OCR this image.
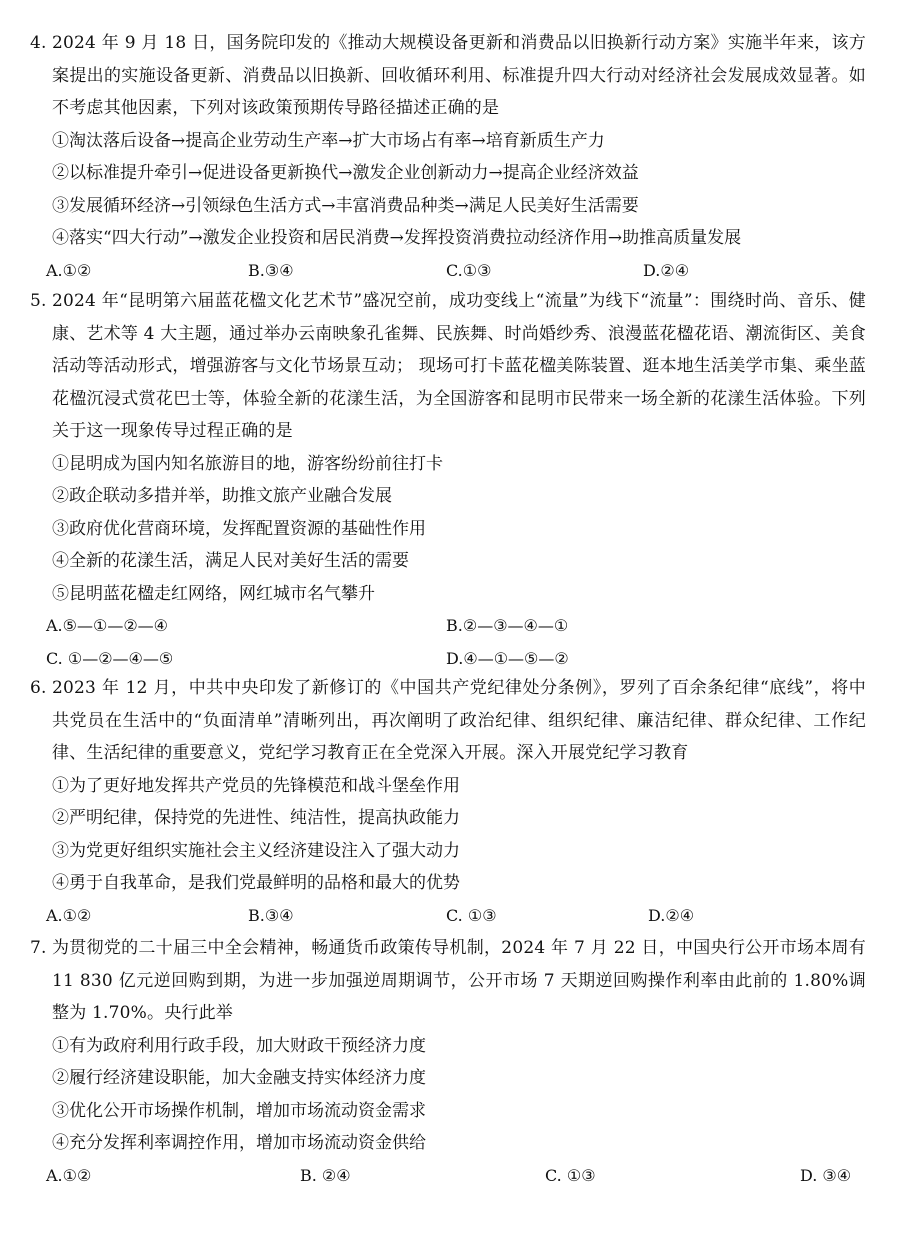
4. 2024 年 9 月 18 日，国务院印发的《推动大规模设备更新和消费品以旧换新行动方案》实施半年来，该方案提出的实施设备更新、消费品以旧换新、回收循环利用、标准提升四大行动对经济社会发展成效显著。如不考虑其他因素，下列对该政策预期传导路径描述正确的是
①淘汰落后设备→提高企业劳动生产率→扩大市场占有率→培育新质生产力
②以标准提升牵引→促进设备更新换代→激发企业创新动力→提高企业经济效益
③发展循环经济→引领绿色生活方式→丰富消费品种类→满足人民美好生活需要
④落实“四大行动”→激发企业投资和居民消费→发挥投资消费拉动经济作用→助推高质量发展
A.①②	B.③④	C.①③	D.②④
5. 2024 年“昆明第六届蓝花楹文化艺术节”盛况空前，成功变线上“流量”为线下“流量”：围绕时尚、音乐、健康、艺术等 4 大主题，通过举办云南映象孔雀舞、民族舞、时尚婚纱秀、浪漫蓝花楹花语、潮流街区、美食活动等活动形式，增强游客与文化节场景互动； 现场可打卡蓝花楹美陈装置、逛本地生活美学市集、乘坐蓝花楹沉浸式赏花巴士等，体验全新的花漾生活，为全国游客和昆明市民带来一场全新的花漾生活体验。下列关于这一现象传导过程正确的是
①昆明成为国内知名旅游目的地，游客纷纷前往打卡
②政企联动多措并举，助推文旅产业融合发展
③政府优化营商环境，发挥配置资源的基础性作用
④全新的花漾生活，满足人民对美好生活的需要
⑤昆明蓝花楹走红网络，网红城市名气攀升
A.⑤—①—②—④	B.②—③—④—①
C. ①—②—④—⑤	D.④—①—⑤—②
6. 2023 年 12 月，中共中央印发了新修订的《中国共产党纪律处分条例》，罗列了百余条纪律“底线”，将中共党员在生活中的“负面清单”清晰列出，再次阐明了政治纪律、组织纪律、廉洁纪律、群众纪律、工作纪律、生活纪律的重要意义，党纪学习教育正在全党深入开展。深入开展党纪学习教育
①为了更好地发挥共产党员的先锋模范和战斗堡垒作用
②严明纪律，保持党的先进性、纯洁性，提高执政能力
③为党更好组织实施社会主义经济建设注入了强大动力
④勇于自我革命，是我们党最鲜明的品格和最大的优势
A.①②	B.③④	C. ①③	D.②④
7. 为贯彻党的二十届三中全会精神，畅通货币政策传导机制，2024 年 7 月 22 日，中国央行公开市场本周有 11 830 亿元逆回购到期，为进一步加强逆周期调节，公开市场 7 天期逆回购操作利率由此前的 1.80%调整为 1.70%。央行此举
①有为政府利用行政手段，加大财政干预经济力度
②履行经济建设职能，加大金融支持实体经济力度
③优化公开市场操作机制，增加市场流动资金需求
④充分发挥利率调控作用，增加市场流动资金供给
A.①②	B. ②④	C. ①③	D. ③④
